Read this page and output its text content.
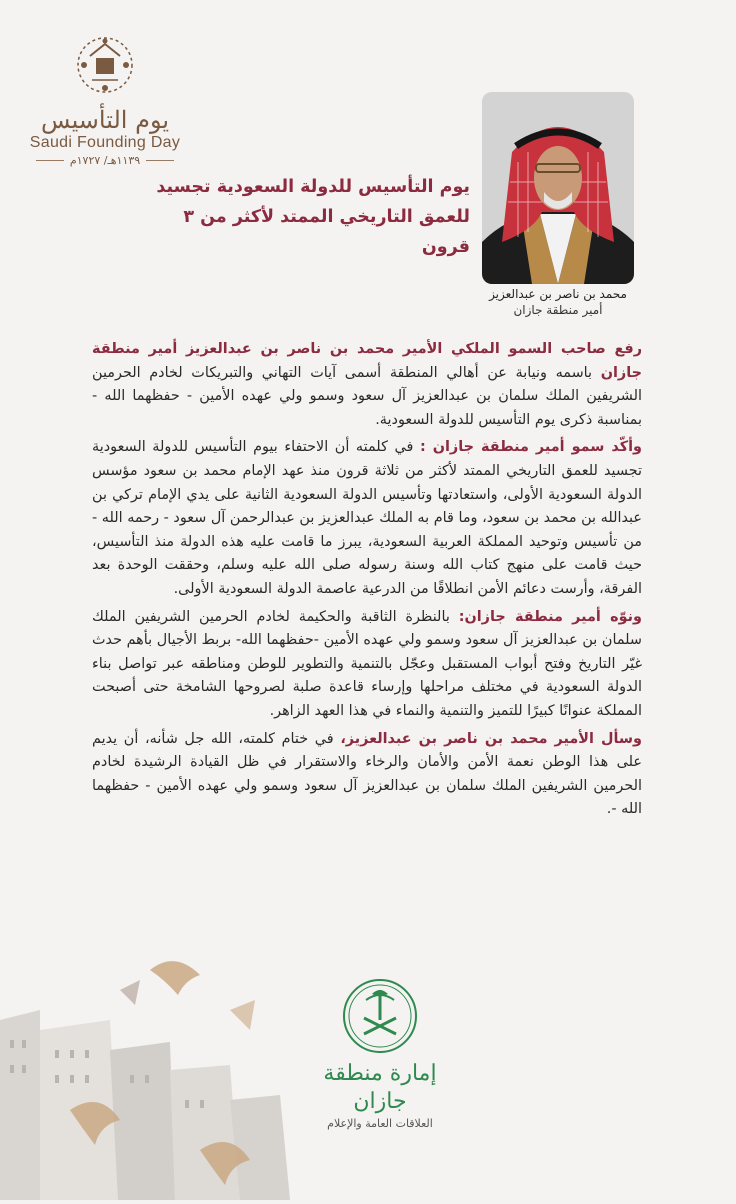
يوم التأسيس
Saudi Founding Day
١١٣٩هـ/ ١٧٢٧م
يوم التأسيس للدولة السعودية تجسيد
للعمق التاريخي الممتد لأكثر من ٣ قرون
محمد بن ناصر بن عبدالعزيز
أمير منطقة جازان

رفع صاحب السمو الملكي الأمير محمد بن ناصر بن عبدالعزيز أمير منطقة جازان باسمه ونيابة عن أهالي المنطقة أسمى آيات التهاني والتبريكات لخادم الحرمين الشريفين الملك سلمان بن عبدالعزيز آل سعود وسمو ولي عهده الأمين - حفظهما الله - بمناسبة ذكرى يوم التأسيس للدولة السعودية.

وأكّد سمو أمير منطقة جازان : في كلمته أن الاحتفاء بيوم التأسيس للدولة السعودية تجسيد للعمق التاريخي الممتد لأكثر من ثلاثة قرون منذ عهد الإمام محمد بن سعود مؤسس الدولة السعودية الأولى، واستعادتها وتأسيس الدولة السعودية الثانية على يدي الإمام تركي بن عبدالله بن محمد بن سعود، وما قام به الملك عبدالعزيز بن عبدالرحمن آل سعود - رحمه الله - من تأسيس وتوحيد المملكة العربية السعودية، يبرز ما قامت عليه هذه الدولة منذ التأسيس، حيث قامت على منهج كتاب الله وسنة رسوله صلى الله عليه وسلم، وحققت الوحدة بعد الفرقة، وأرست دعائم الأمن انطلاقًا من الدرعية عاصمة الدولة السعودية الأولى.

ونوّه أمير منطقة جازان: بالنظرة الثاقبة والحكيمة لخادم الحرمين الشريفين الملك سلمان بن عبدالعزيز آل سعود وسمو ولي عهده الأمين -حفظهما الله- بربط الأجيال بأهم حدث غيّر التاريخ وفتح أبواب المستقبل وعجّل بالتنمية والتطوير للوطن ومناطقه عبر تواصل بناء الدولة السعودية في مختلف مراحلها وإرساء قاعدة صلبة لصروحها الشامخة حتى أصبحت المملكة عنوانًا كبيرًا للتميز والتنمية والنماء في هذا العهد الزاهر.

وسأل الأمير محمد بن ناصر بن عبدالعزيز، في ختام كلمته، الله جل شأنه، أن يديم على هذا الوطن نعمة الأمن والأمان والرخاء والاستقرار في ظل القيادة الرشيدة لخادم الحرمين الشريفين الملك سلمان بن عبدالعزيز آل سعود وسمو ولي عهده الأمين - حفظهما الله -.

إمارة منطقة جازان
العلاقات العامة والإعلام
